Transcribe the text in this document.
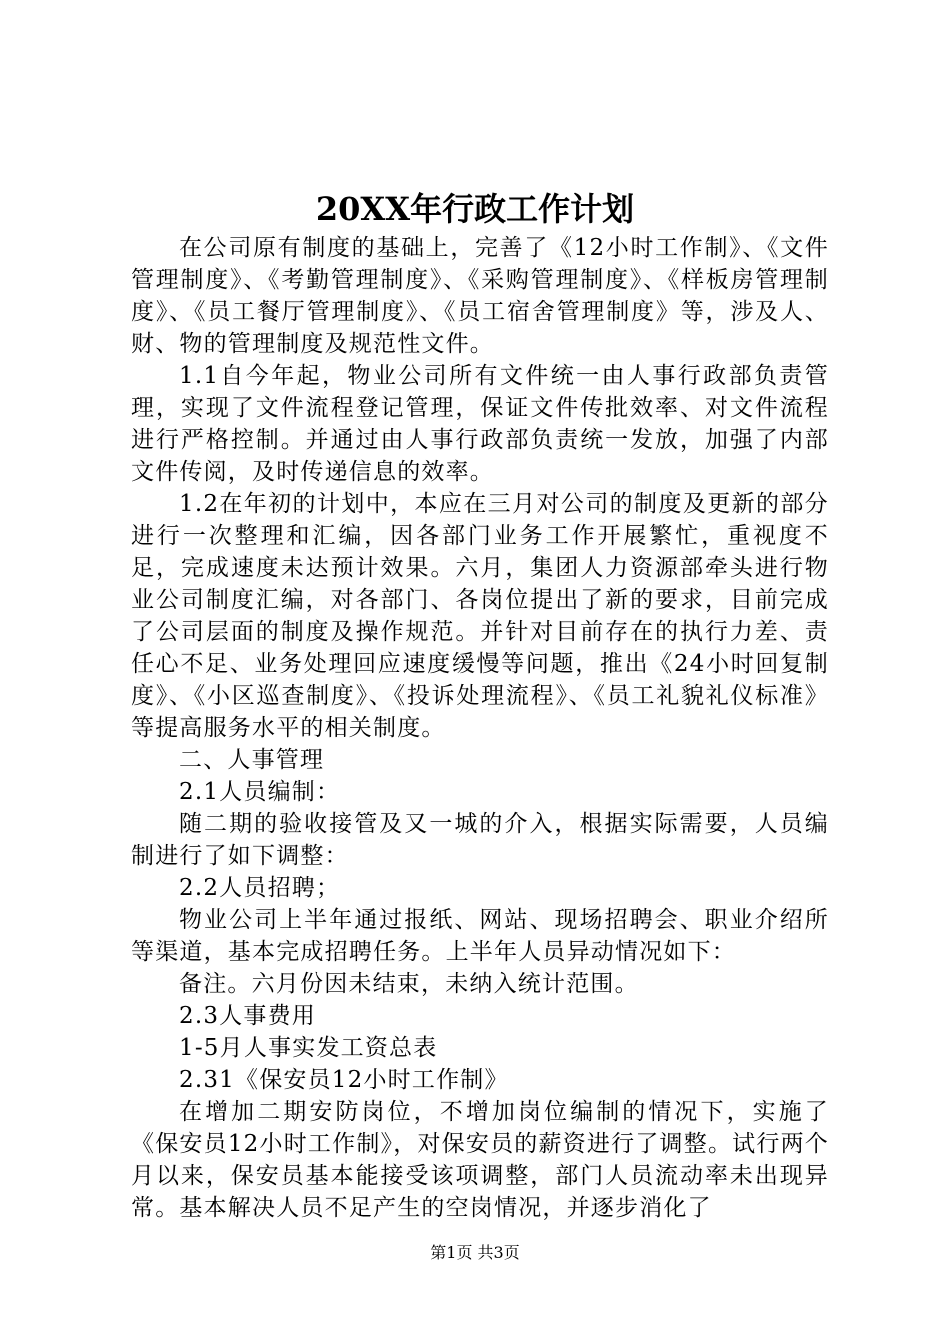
20XX年行政工作计划

在公司原有制度的基础上，完善了《12小时工作制》、《文件管理制度》、《考勤管理制度》、《采购管理制度》、《样板房管理制度》、《员工餐厅管理制度》、《员工宿舍管理制度》等，涉及人、财、物的管理制度及规范性文件。

1.1自今年起，物业公司所有文件统一由人事行政部负责管理，实现了文件流程登记管理，保证文件传批效率、对文件流程进行严格控制。并通过由人事行政部负责统一发放，加强了内部文件传阅，及时传递信息的效率。

1.2在年初的计划中，本应在三月对公司的制度及更新的部分进行一次整理和汇编，因各部门业务工作开展繁忙，重视度不足，完成速度未达预计效果。六月，集团人力资源部牵头进行物业公司制度汇编，对各部门、各岗位提出了新的要求，目前完成了公司层面的制度及操作规范。并针对目前存在的执行力差、责任心不足、业务处理回应速度缓慢等问题，推出《24小时回复制度》、《小区巡查制度》、《投诉处理流程》、《员工礼貌礼仪标准》等提高服务水平的相关制度。

二、人事管理

2.1人员编制：

随二期的验收接管及又一城的介入，根据实际需要，人员编制进行了如下调整：

2.2人员招聘；

物业公司上半年通过报纸、网站、现场招聘会、职业介绍所等渠道，基本完成招聘任务。上半年人员异动情况如下：

备注。六月份因未结束，未纳入统计范围。

2.3人事费用

1-5月人事实发工资总表

2.31《保安员12小时工作制》

在增加二期安防岗位，不增加岗位编制的情况下，实施了《保安员12小时工作制》，对保安员的薪资进行了调整。试行两个月以来，保安员基本能接受该项调整，部门人员流动率未出现异常。基本解决人员不足产生的空岗情况，并逐步消化了

第1页 共3页
